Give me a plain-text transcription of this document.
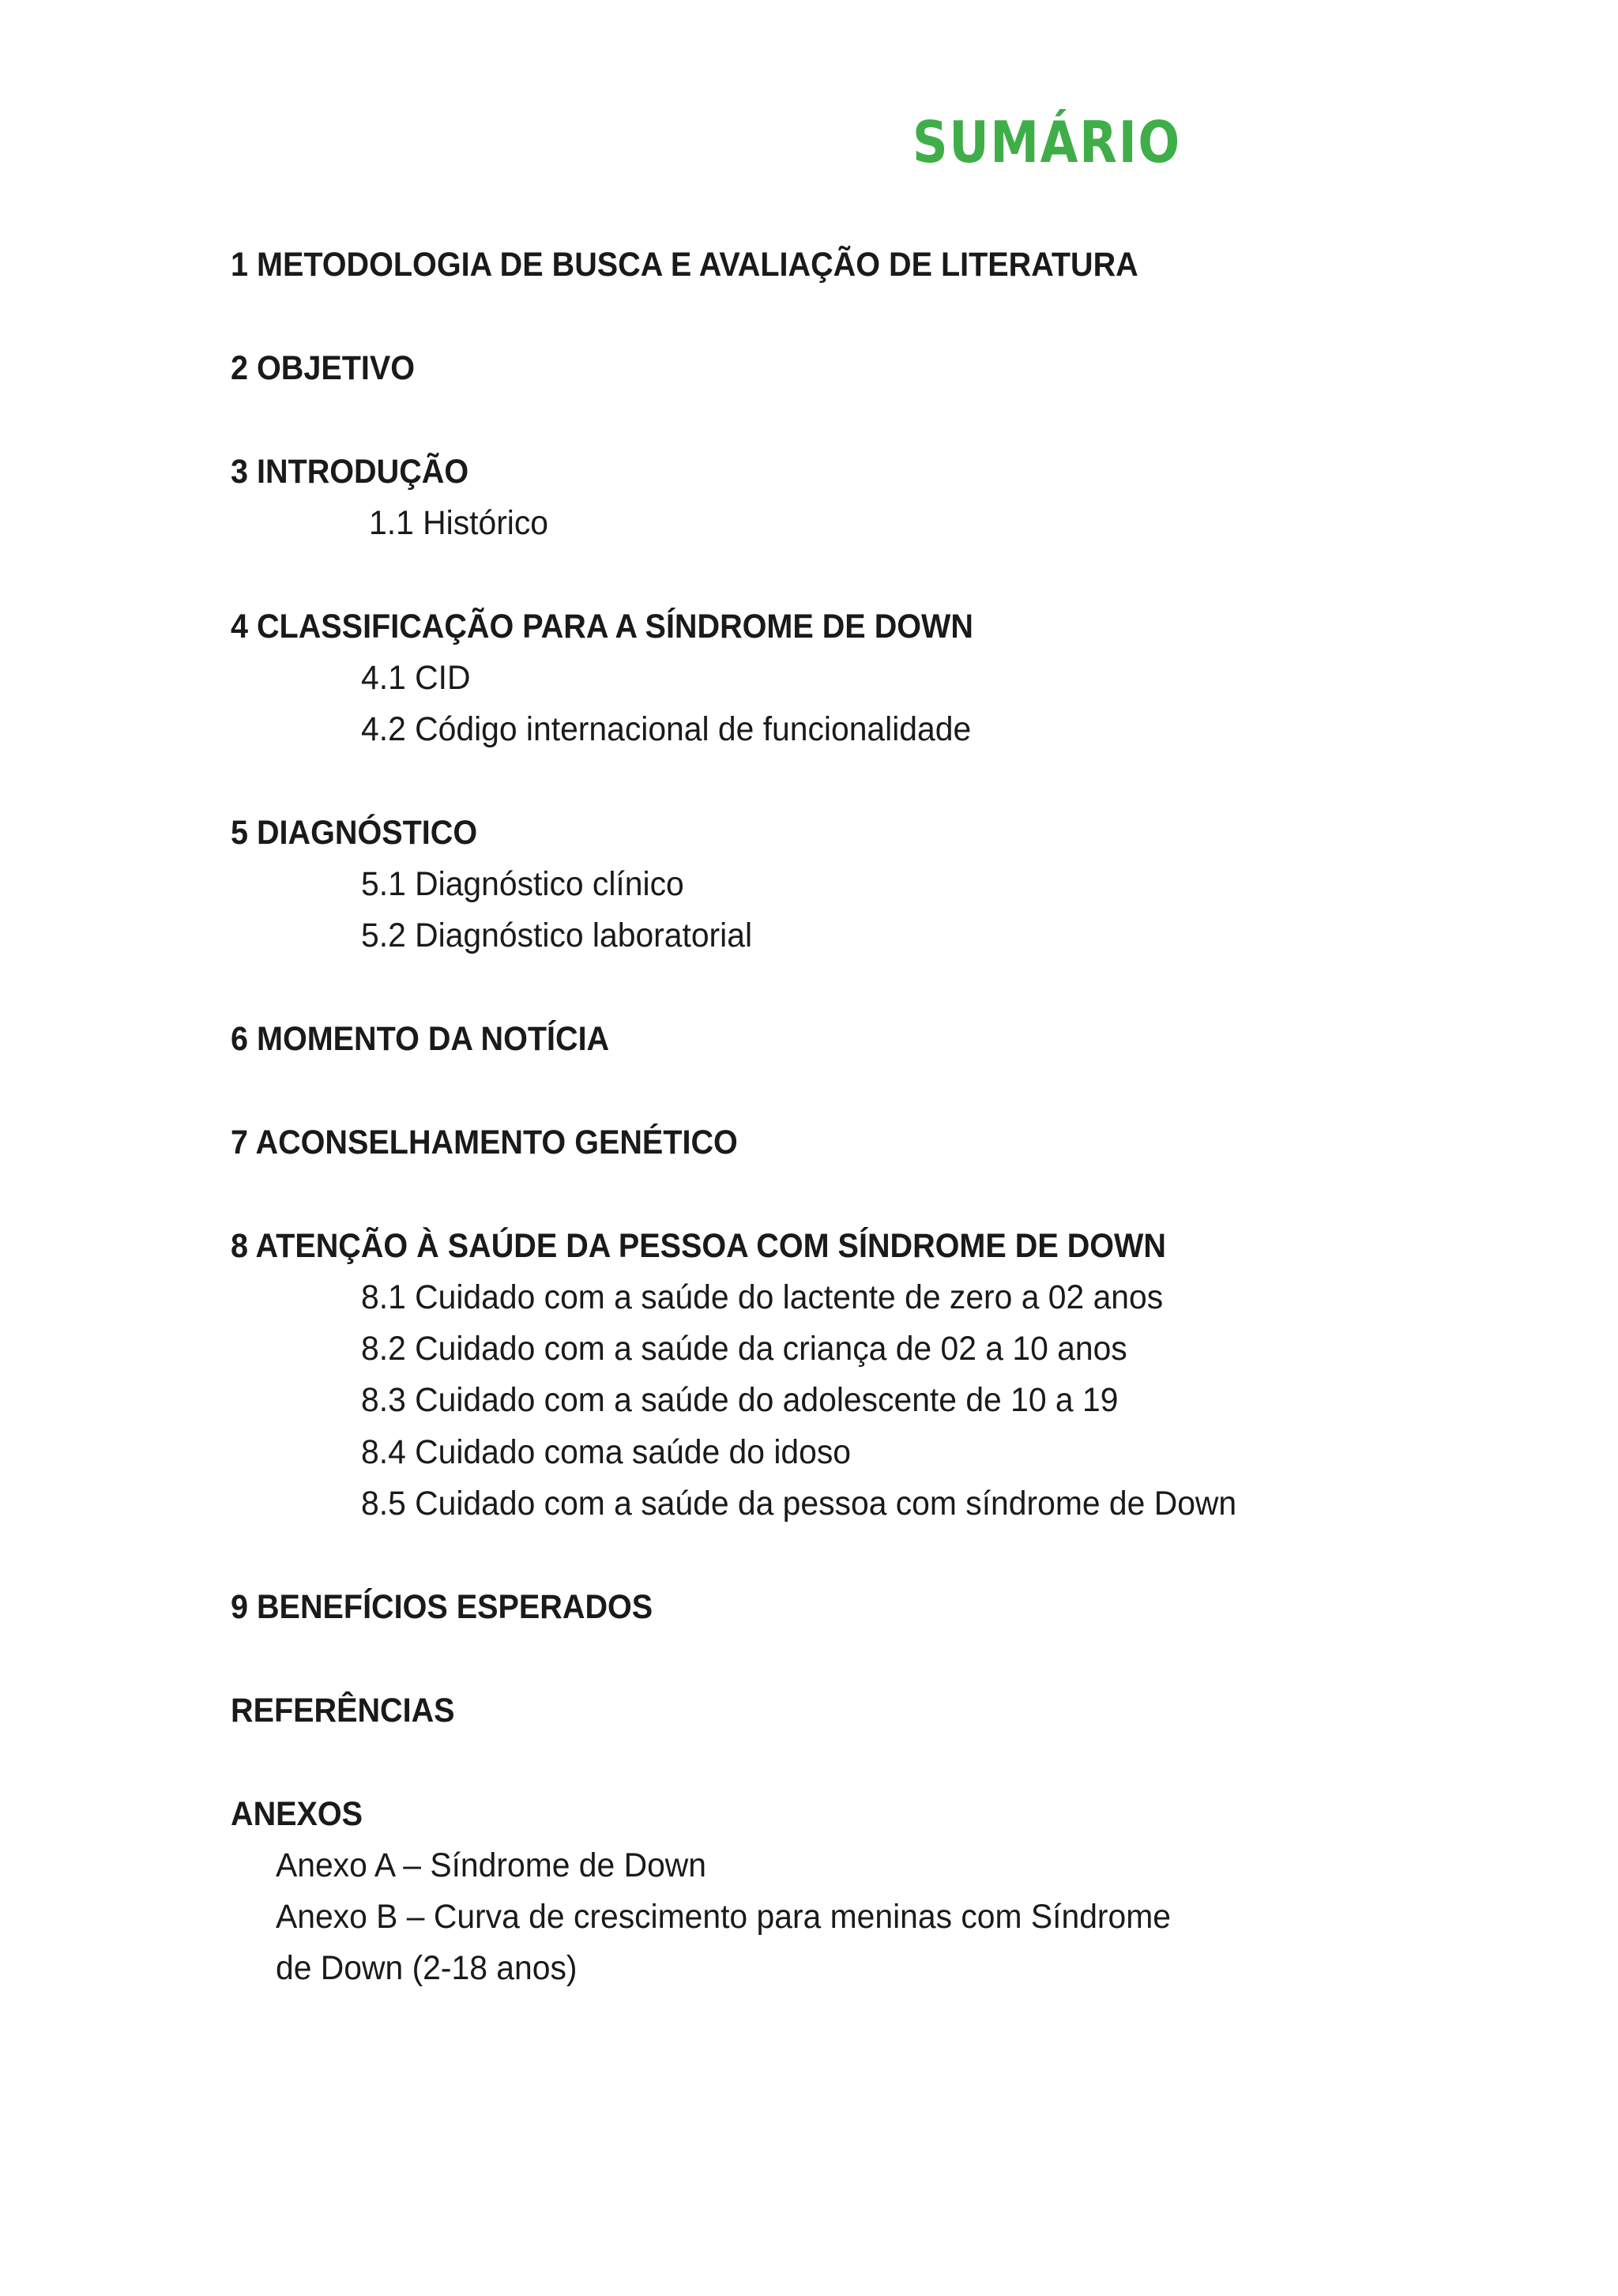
SUMÁRIO
1 METODOLOGIA DE BUSCA E AVALIAÇÃO DE LITERATURA
2 OBJETIVO
3 INTRODUÇÃO
1.1 Histórico
4 CLASSIFICAÇÃO PARA A SÍNDROME DE DOWN
4.1 CID
4.2 Código internacional de funcionalidade
5 DIAGNÓSTICO
5.1 Diagnóstico clínico
5.2 Diagnóstico laboratorial
6 MOMENTO DA NOTÍCIA
7 ACONSELHAMENTO GENÉTICO
8 ATENÇÃO À SAÚDE DA PESSOA COM SÍNDROME DE DOWN
8.1 Cuidado com a saúde do lactente de zero a 02 anos
8.2 Cuidado com a saúde da criança de 02 a 10 anos
8.3 Cuidado com a saúde do adolescente de 10 a 19
8.4 Cuidado coma saúde do idoso
8.5 Cuidado com a saúde da pessoa com síndrome de Down
9 BENEFÍCIOS ESPERADOS
REFERÊNCIAS
ANEXOS
Anexo A – Síndrome de Down
Anexo B – Curva de crescimento para meninas com Síndrome
de Down (2-18 anos)
